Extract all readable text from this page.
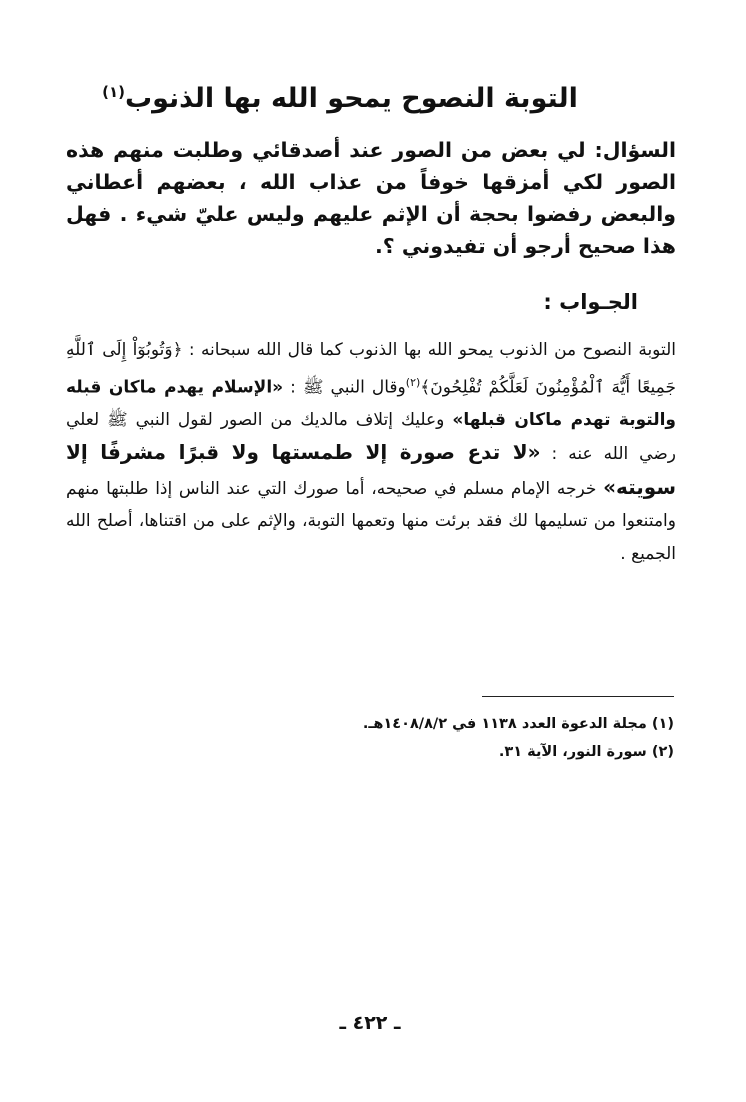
التوبة النصوح يمحو الله بها الذنوب$^{(١)}$
السؤال: لي بعض من الصور عند أصدقائي وطلبت منهم هذه الصور لكي أمزقها خوفاً من عذاب الله ، بعضهم أعطاني والبعض رفضوا بحجة أن الإثم عليهم وليس عليّ شيء . فهل هذا صحيح أرجو أن تفيدوني ؟.
الجـواب :
التوبة النصوح من الذنوب يمحو الله بها الذنوب كما قال الله سبحانه : ﴿وَتُوبُوٓاْ إِلَى ٱللَّهِ جَمِيعًا أَيُّهَ ٱلْمُؤْمِنُونَ لَعَلَّكُمْ تُفْلِحُونَ﴾$^{(٢)}$وقال النبي ﷺ : «الإسلام يهدم ماكان قبله والتوبة تهدم ماكان قبلها» وعليك إتلاف مالديك من الصور لقول النبي ﷺ لعلي رضي الله عنه : «لا تدع صورة إلا طمستها ولا قبرًا مشرفًا إلا سويته» خرجه الإمام مسلم في صحيحه، أما صورك التي عند الناس إذا طلبتها منهم وامتنعوا من تسليمها لك فقد برئت منها وتعمها التوبة، والإثم على من اقتناها، أصلح الله الجميع .
(١) مجلة الدعوة العدد ١١٣٨ في ١٤٠٨/٨/٢هـ.
(٢) سورة النور، الآية ٣١.
ـ ٤٢٢ ـ
